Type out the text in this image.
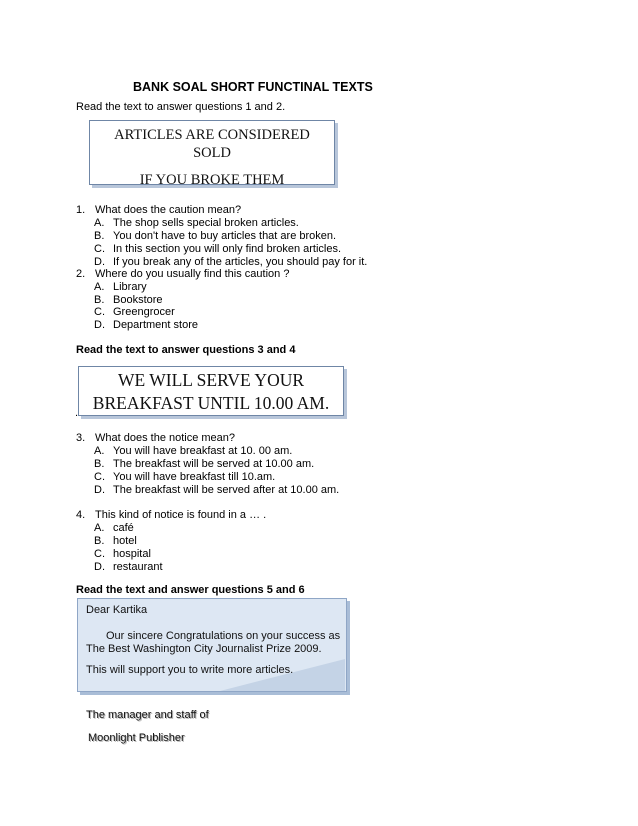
BANK SOAL SHORT FUNCTINAL TEXTS
Read the text to answer questions 1 and 2.
ARTICLES ARE CONSIDERED
SOLD
IF YOU BROKE THEM
1. What does the caution mean?
A. The shop sells special broken articles.
B. You don't have to buy articles that are broken.
C. In this section you will only find broken articles.
D. If you break any of the articles, you should pay for it.
2. Where do you usually find this caution ?
A. Library
B. Bookstore
C. Greengrocer
D. Department store
Read the text to answer questions 3 and 4
WE WILL SERVE YOUR
BREAKFAST UNTIL 10.00 AM.
.
3. What does the notice mean?
A. You will have breakfast at 10. 00 am.
B. The breakfast will be served at 10.00 am.
C. You will have breakfast till 10.am.
D. The breakfast will be served after at 10.00 am.
4. This kind of notice is found in a … .
A. café
B. hotel
C. hospital
D. restaurant
Read the text and answer questions 5 and 6
Dear Kartika
Our sincere Congratulations on your success as
The Best Washington City Journalist Prize 2009.
This will support you to write more articles.
The manager and staff of
Moonlight Publisher
